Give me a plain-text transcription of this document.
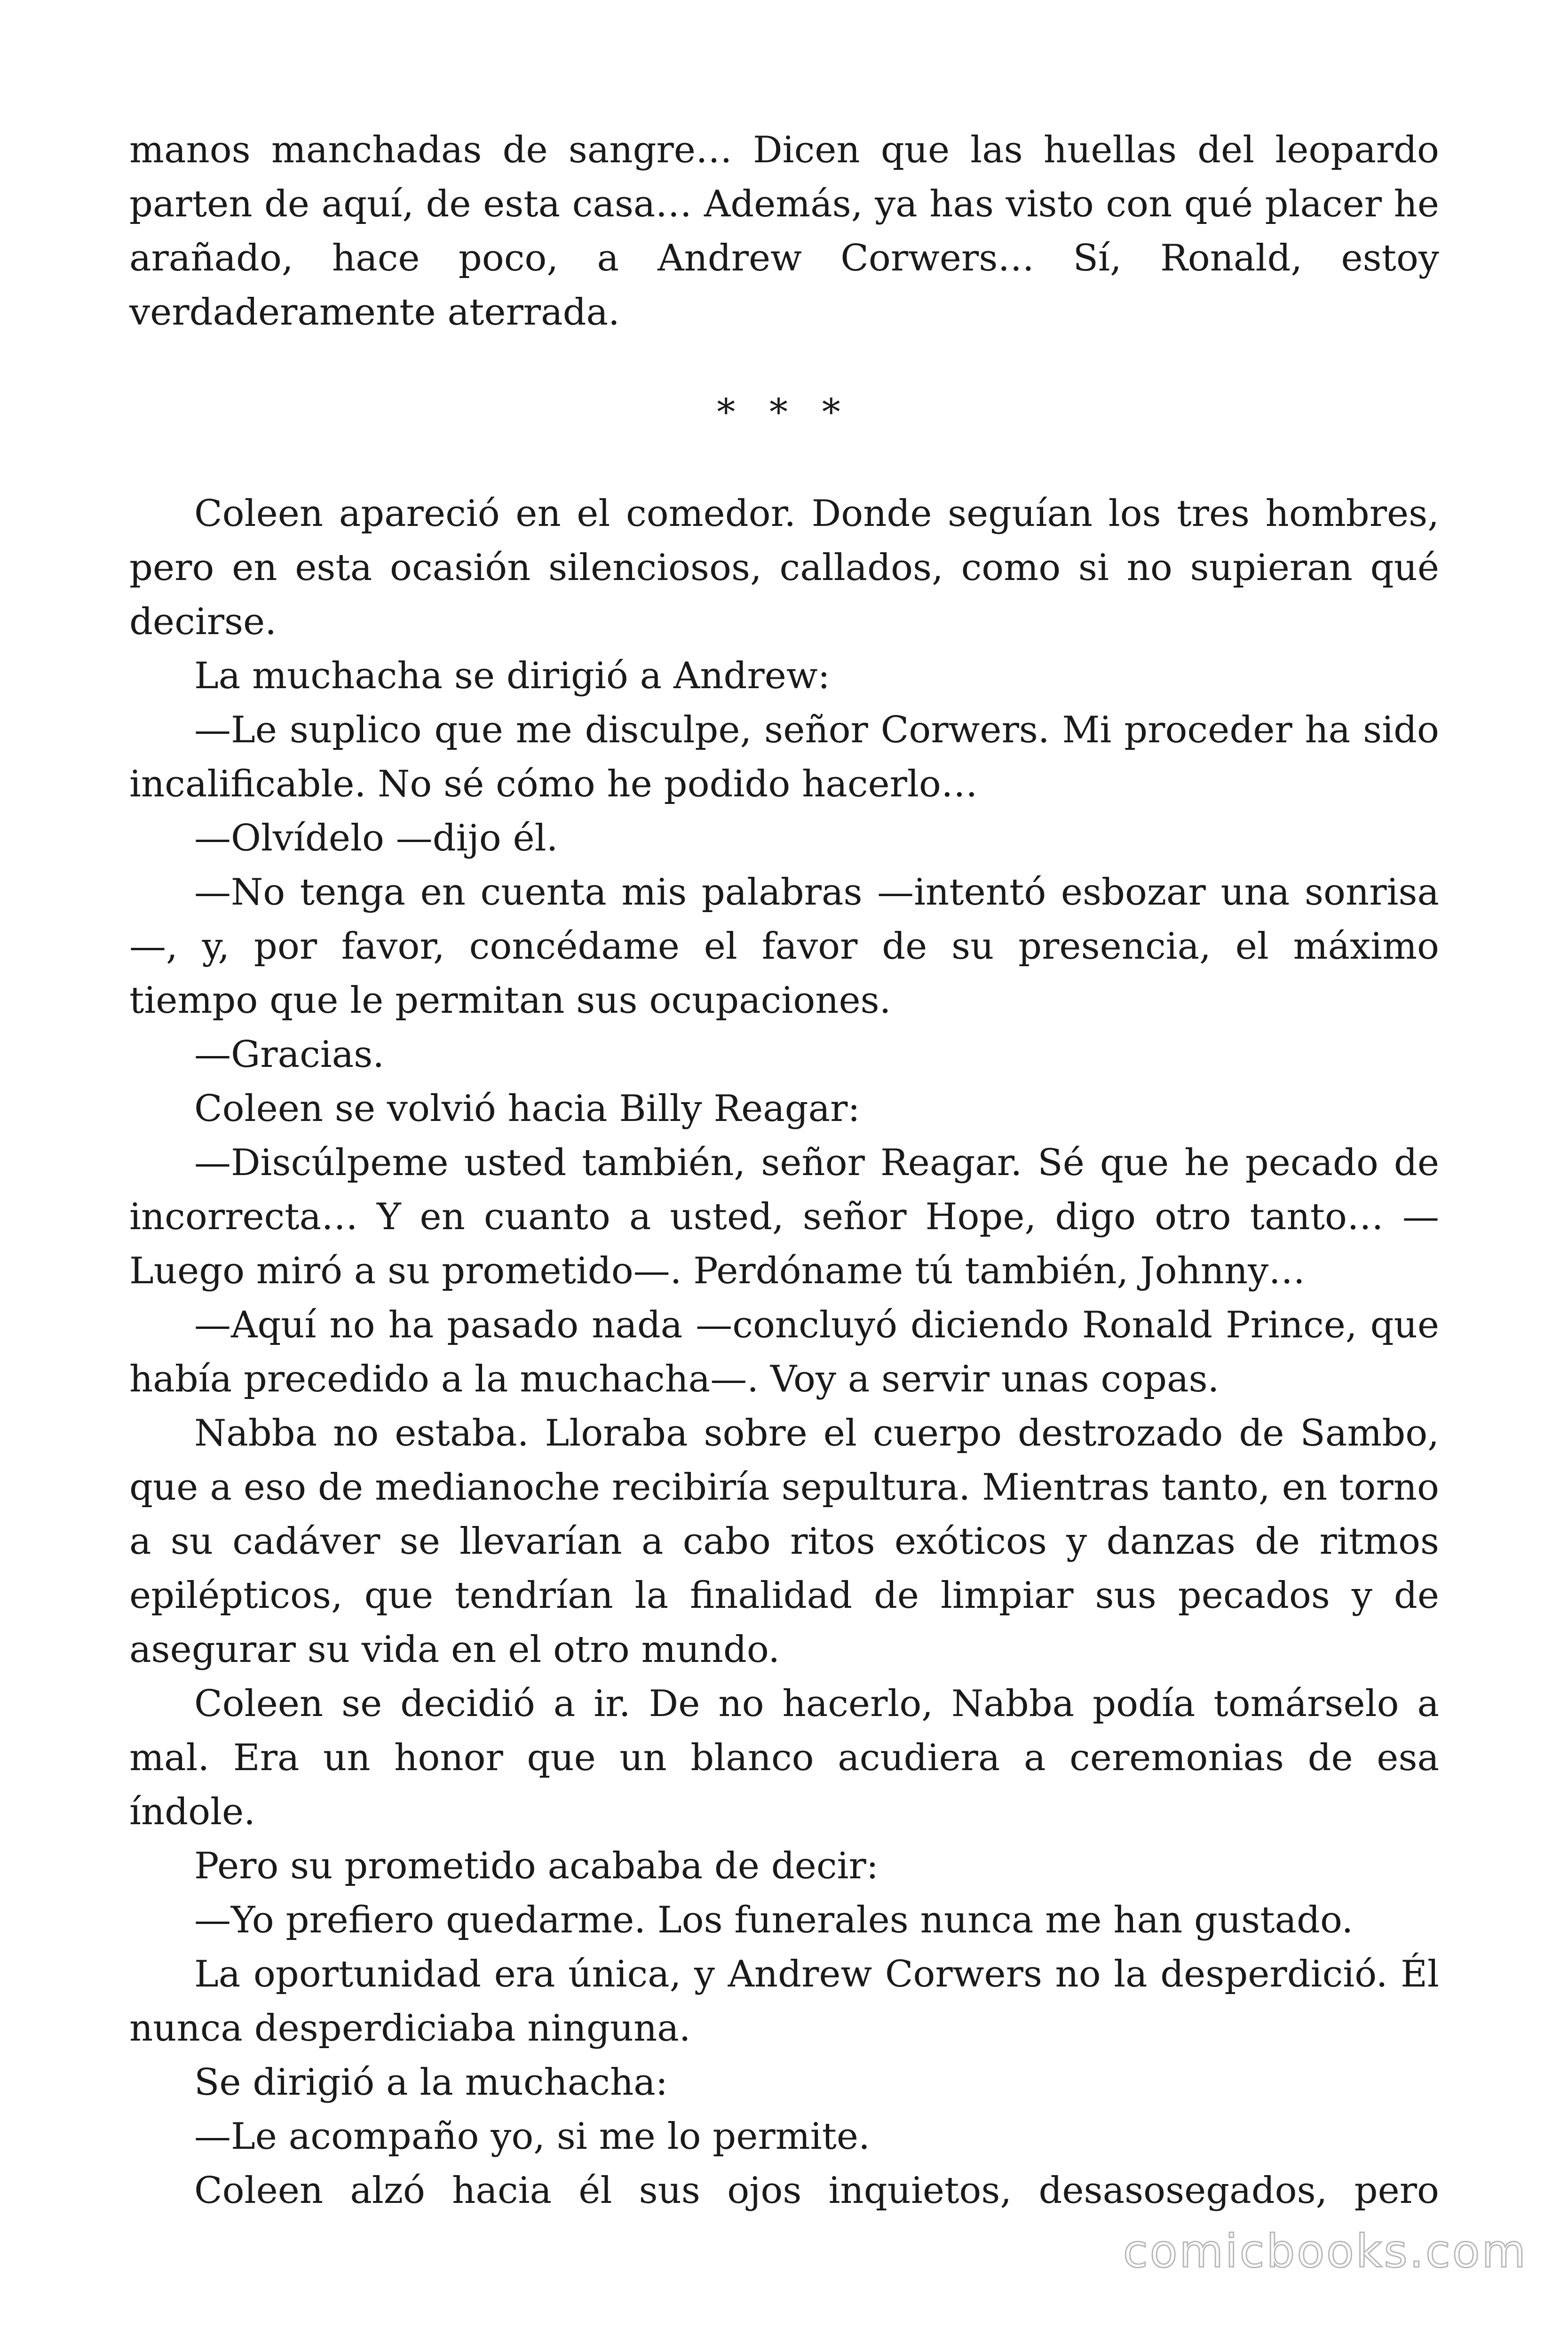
manos manchadas de sangre… Dicen que las huellas del leopardo parten de aquí, de esta casa… Además, ya has visto con qué placer he arañado, hace poco, a Andrew Corwers… Sí, Ronald, estoy verdaderamente aterrada.

* * *

Coleen apareció en el comedor. Donde seguían los tres hombres, pero en esta ocasión silenciosos, callados, como si no supieran qué decirse.

La muchacha se dirigió a Andrew:

—Le suplico que me disculpe, señor Corwers. Mi proceder ha sido incalificable. No sé cómo he podido hacerlo…

—Olvídelo —dijo él.

—No tenga en cuenta mis palabras —intentó esbozar una sonrisa—, y, por favor, concédame el favor de su presencia, el máximo tiempo que le permitan sus ocupaciones.

—Gracias.

Coleen se volvió hacia Billy Reagar:

—Discúlpeme usted también, señor Reagar. Sé que he pecado de incorrecta… Y en cuanto a usted, señor Hope, digo otro tanto… —Luego miró a su prometido—. Perdóname tú también, Johnny…

—Aquí no ha pasado nada —concluyó diciendo Ronald Prince, que había precedido a la muchacha—. Voy a servir unas copas.

Nabba no estaba. Lloraba sobre el cuerpo destrozado de Sambo, que a eso de medianoche recibiría sepultura. Mientras tanto, en torno a su cadáver se llevarían a cabo ritos exóticos y danzas de ritmos epilépticos, que tendrían la finalidad de limpiar sus pecados y de asegurar su vida en el otro mundo.

Coleen se decidió a ir. De no hacerlo, Nabba podía tomárselo a mal. Era un honor que un blanco acudiera a ceremonias de esa índole.

Pero su prometido acababa de decir:

—Yo prefiero quedarme. Los funerales nunca me han gustado.

La oportunidad era única, y Andrew Corwers no la desperdició. Él nunca desperdiciaba ninguna.

Se dirigió a la muchacha:

—Le acompaño yo, si me lo permite.

Coleen alzó hacia él sus ojos inquietos, desasosegados, pero

comicbooks.com
